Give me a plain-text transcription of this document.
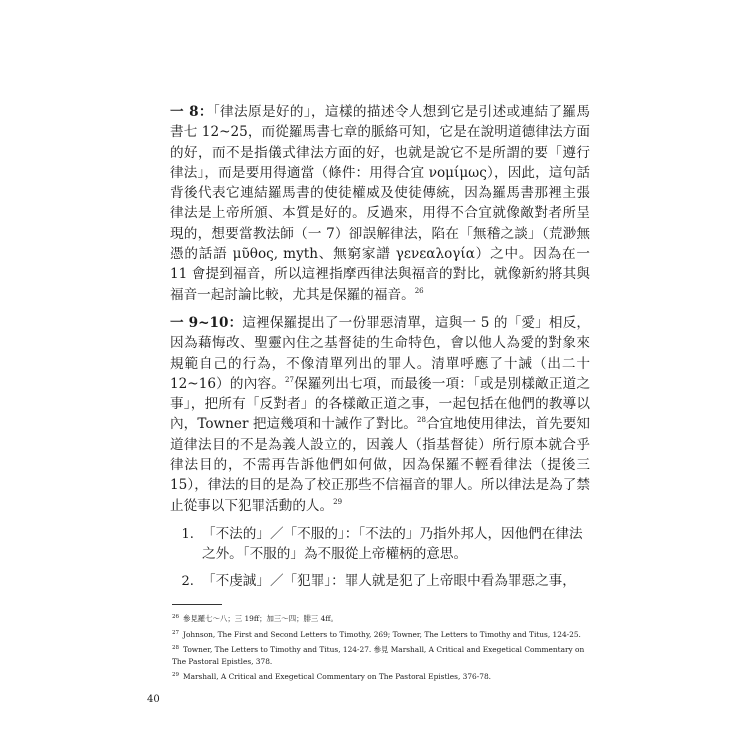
一 8：「律法原是好的」，這樣的描述令人想到它是引述或連結了羅馬書七 12~25，而從羅馬書七章的脈絡可知，它是在說明道德律法方面的好，而不是指儀式律法方面的好，也就是說它不是所謂的要「遵行律法」，而是要用得適當（條件：用得合宜 νομίμως），因此，這句話背後代表它連結羅馬書的使徒權威及使徒傳統，因為羅馬書那裡主張律法是上帝所頒、本質是好的。反過來，用得不合宜就像敵對者所呈現的，想要當教法師（一 7）卻誤解律法，陷在「無稽之談」（荒渺無憑的話語 μῦθος, myth、無窮家譜 γενεαλογία）之中。因為在一 11 會提到福音，所以這裡指摩西律法與福音的對比，就像新約將其與福音一起討論比較，尤其是保羅的福音。$^{26}$

一 9~10：這裡保羅提出了一份罪惡清單，這與一 5 的「愛」相反，因為藉悔改、聖靈內住之基督徒的生命特色，會以他人為愛的對象來規範自己的行為，不像清單列出的罪人。清單呼應了十誡（出二十 12~16）的內容。$^{27}$保羅列出七項，而最後一項：「或是別樣敵正道之事」，把所有「反對者」的各樣敵正道之事，一起包括在他們的教導以內，Towner 把這幾項和十誡作了對比。$^{28}$合宜地使用律法，首先要知道律法目的不是為義人設立的，因義人（指基督徒）所行原本就合乎律法目的，不需再告訴他們如何做，因為保羅不輕看律法（提後三 15），律法的目的是為了校正那些不信福音的罪人。所以律法是為了禁止從事以下犯罪活動的人。$^{29}$

1. 「不法的」／「不服的」：「不法的」乃指外邦人，因他們在律法之外。「不服的」為不服從上帝權柄的意思。
2. 「不虔誠」／「犯罪」：罪人就是犯了上帝眼中看為罪惡之事，
$^{26}$ 參見羅七～八；三 19ff；加三～四；腓三 4ff。
$^{27}$ Johnson, The First and Second Letters to Timothy, 269; Towner, The Letters to Timothy and Titus, 124-25.
$^{28}$ Towner, The Letters to Timothy and Titus, 124-27. 參見 Marshall, A Critical and Exegetical Commentary on The Pastoral Epistles, 378.
$^{29}$ Marshall, A Critical and Exegetical Commentary on The Pastoral Epistles, 376-78.
40
